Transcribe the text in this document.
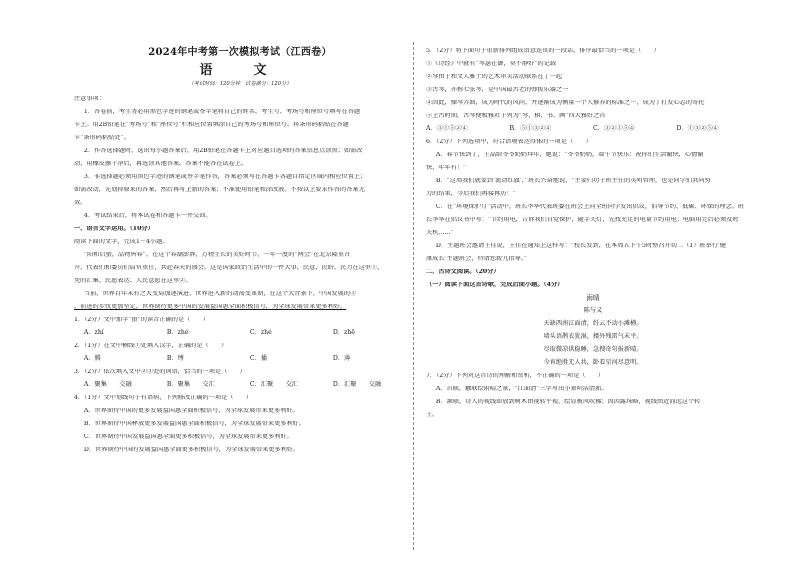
2024年中考第一次模拟考试（江西卷）
语　文
（考试时间：120分钟　试卷满分：120分）
注意事项：
1．答卷前，考生务必用黑色字迹的钢笔或签字笔将自己的姓名、考生号、考场号和座位号填写在答题
卡上。用2B铅笔在“考场号”和“座位号”栏相应位置填涂自己的考场号和座位号。将条形码粘贴在答题
卡“条形码粘贴处”。
2．作答选择题时，选出每小题答案后，用2B铅笔在答题卡上对应题目选项的答案信息点涂黑；如需改
动，用橡皮擦干净后，再选涂其他答案。答案不能答在试卷上。
3．非选择题必须用黑色字迹的钢笔或签字笔作答，答案必须写在答题卡各题目指定区域内相应位置上；
如需改动，先划掉原来的答案，然后再写上新的答案；不准使用铅笔和涂改液。不按以上要求作答的答案无
效。
4．考试结束后，将本试卷和答题卡一并交回。
一、语言文字运用。（10分）
阅读下面的文字，完成1－4小题。
“阳和启蛰，品物皆春”。在这个春潮澎湃，万物生长的美好时节，一年一度的“两会”在北京隆重召
开，代表们和委员们肩负重任，共赴春天的盛会。这是国家政治生活中的一件大事，民意、民盼、民力在这里①，
凭的汇集、民愿表达、人民意愿在这里②。
当前，世界百年未有之大变局加速演进，世界进入新的动荡变革期，在这个大背景下，中国发展的③
，前进的步伐更加坚定，世界期待更多中国的发展益国惠全面积极信号，为全球发展带来更多利好。
1．（2分）文中加字“蛰”的读音正确的是（　　）
A．zhí	B．zhé	C．zhé	D．zhē
2．（1分）在文中横线①处填入汉字，正确的是（　　）
A．腾	B．缚	C．播	D．薄
3．（2分）依次填入文中②③处的词语，恰当的一项是（　　）
A．聚集　　交融	B．聚集　　交汇	C．汇聚　　交汇	D．汇聚　　交融
4．（1分）文中划线句子有语病，下列修改正确的一项是（　　）
A．世界期待中国的更多发展益国惠全面积极信号，为全球发展带来更多利好。
B．世界期待中国释放更多发展益国惠全面积极信号，为全球发展带来更多利好。
C．世界期待中国发展益国惠全面更多积极信号，为全球发展带来更多利好。
D．世界期待中国的发展益国惠全面更多积极信号，为全球发展带来更多利好。
5．（2分）将下面句子重新排列组成语意连贯的一段话，排序最恰当的一项是（　　）
①《诗经》中就有“琴瑟在御，莫不静好”的记载
②琴由于和文人雅士的艺术审美活动联系在了一起
③古琴，亦称七弦琴，是中国最古老的弹拨乐器之一
④因此，操琴弄曲，成为时代的风尚，并逐渐成为衡量一个人修养的标准之一，成为了打发心志的寄托
⑤上古时期，古琴便极雅君子列为“琴、棋、书、画”四大雅好之首
A．③①⑤②④	B．⑤①③②④	C．③②①⑤④	D．①③②⑤④
6．（2分）下列选项中，符合语境表达得体的一项是（　　）
A．春节快到了，王晶给爷爷奶奶拜年，她说：“爷爷奶奶，端午节快乐！祝你们生活愉快，心情愉
快，年年有！”
B．“这周我们就要到‘流动红旗’，”班长兴奋地说，“主要归功于班主任的英明管理，也是同学们共同努
力的结果，今后我们再接再厉！”
C．在“环境保护月”活动中，班长李华代表班委在班会上向全班同学发出倡议，倡导节约、低碳、环保的理念。班
长李华在倡议书中写：“节约用电，告诉我们自觉保护，随手关灯，先找充足的电量节约用电；电脑用完后必须及时
关机……”
D．主题班会邀请王佳说，王佳在通知上这样写：“校长发到，在本周五下午5时整召开切二（1）班举行‘健
康成长’主题班会，特请您拨冗指导。”
二、古诗文阅读。（20分）
（一）阅读下面这首诗歌，完成后面小题。（4分）
雨晴
陈与义
天缺西南江面清，纤云不动小滩横。
墙头语鹊衣犹湿，楼外残雷气未平。
尽取微凉供稳睡，急搜奇句报新晴。
今宵绝胜无人共，卧看星河尽意明。
7．（2分）下列对这首诗的理解和赏析，不正确的一项是（　　）
A．首联，触联绘雨晴之景，“江面清”三字写出小景明洁清新。
B．颔联，诗人的视线即放到树木由视转平视，绘显被风吹拂；因因露珠略，视线由近而远这个转
王。
